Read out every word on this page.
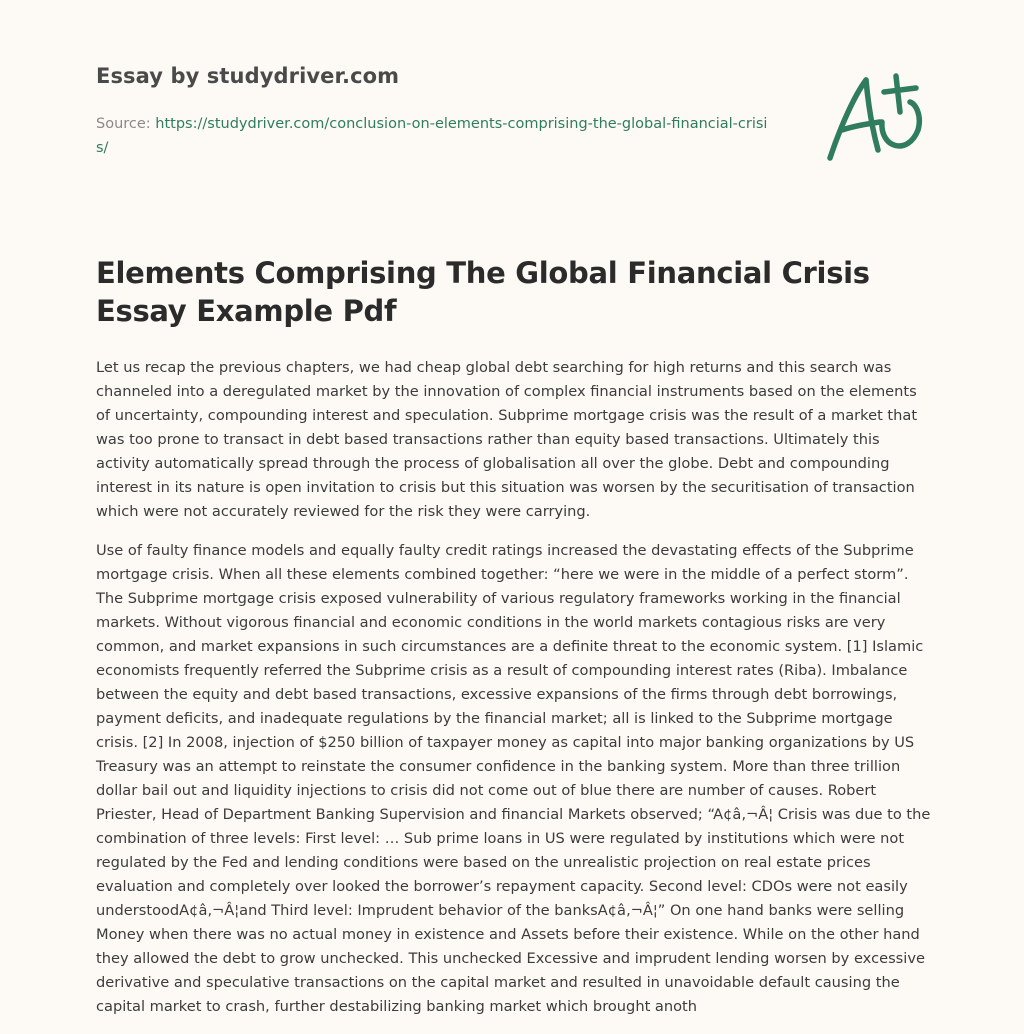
Essay by studydriver.com
Source: https://studydriver.com/conclusion-on-elements-comprising-the-global-financial-crisis/
Elements Comprising The Global Financial Crisis Essay Example Pdf

Let us recap the previous chapters, we had cheap global debt searching for high returns and this search was channeled into a deregulated market by the innovation of complex financial instruments based on the elements of uncertainty, compounding interest and speculation. Subprime mortgage crisis was the result of a market that was too prone to transact in debt based transactions rather than equity based transactions. Ultimately this activity automatically spread through the process of globalisation all over the globe. Debt and compounding interest in its nature is open invitation to crisis but this situation was worsen by the securitisation of transaction which were not accurately reviewed for the risk they were carrying.

Use of faulty finance models and equally faulty credit ratings increased the devastating effects of the Subprime mortgage crisis. When all these elements combined together: “here we were in the middle of a perfect storm”. The Subprime mortgage crisis exposed vulnerability of various regulatory frameworks working in the financial markets. Without vigorous financial and economic conditions in the world markets contagious risks are very common, and market expansions in such circumstances are a definite threat to the economic system. [1] Islamic economists frequently referred the Subprime crisis as a result of compounding interest rates (Riba). Imbalance between the equity and debt based transactions, excessive expansions of the firms through debt borrowings, payment deficits, and inadequate regulations by the financial market; all is linked to the Subprime mortgage crisis. [2] In 2008, injection of $250 billion of taxpayer money as capital into major banking organizations by US Treasury was an attempt to reinstate the consumer confidence in the banking system. More than three trillion dollar bail out and liquidity injections to crisis did not come out of blue there are number of causes. Robert Priester, Head of Department Banking Supervision and financial Markets observed; “A¢â‚¬Â¦ Crisis was due to the combination of three levels: First level: … Sub prime loans in US were regulated by institutions which were not regulated by the Fed and lending conditions were based on the unrealistic projection on real estate prices evaluation and completely over looked the borrower’s repayment capacity. Second level: CDOs were not easily understoodA¢â‚¬Â¦and Third level: Imprudent behavior of the banksA¢â‚¬Â¦” On one hand banks were selling Money when there was no actual money in existence and Assets before their existence. While on the other hand they allowed the debt to grow unchecked. This unchecked Excessive and imprudent lending worsen by excessive derivative and speculative transactions on the capital market and resulted in unavoidable default causing the capital market to crash, further destabilizing banking market which brought anoth
